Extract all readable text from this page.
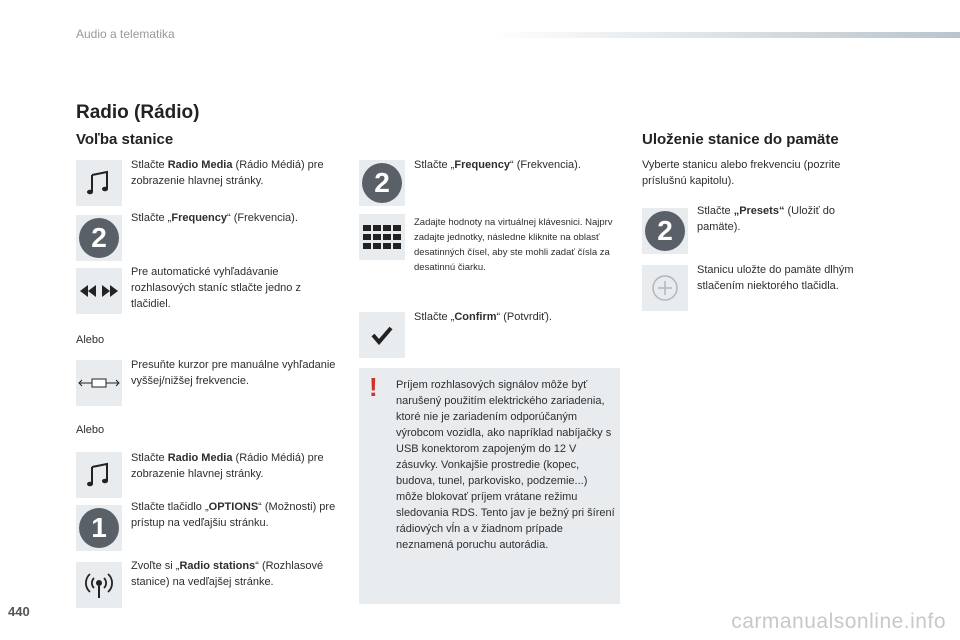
Audio a telematika
Radio (Rádio)
Voľba stanice
Stlačte Radio Media (Rádio Médiá) pre zobrazenie hlavnej stránky.
2
Stlačte „Frequency“ (Frekvencia).
Pre automatické vyhľadávanie rozhlasových staníc stlačte jedno z tlačidiel.
Alebo
Presuňte kurzor pre manuálne vyhľadanie vyššej/nižšej frekvencie.
Alebo
Stlačte Radio Media (Rádio Médiá) pre zobrazenie hlavnej stránky.
1
Stlačte tlačidlo „OPTIONS“ (Možnosti) pre prístup na vedľajšiu stránku.
Zvoľte si „Radio stations“ (Rozhlasové stanice) na vedľajšej stránke.
2
Stlačte „Frequency“ (Frekvencia).
Zadajte hodnoty na virtuálnej klávesnici. Najprv zadajte jednotky, následne kliknite na oblasť desatinných čísel, aby ste mohli zadať čísla za desatinnú čiarku.
Stlačte „Confirm“ (Potvrdiť).
! Príjem rozhlasových signálov môže byť narušený použitím elektrického zariadenia, ktoré nie je zariadením odporúčaným výrobcom vozidla, ako napríklad nabíjačky s USB konektorom zapojeným do 12 V zásuvky. Vonkajšie prostredie (kopec, budova, tunel, parkovisko, podzemie...) môže blokovať príjem vrátane režimu sledovania RDS. Tento jav je bežný pri šírení rádiových vĺn a v žiadnom prípade neznamená poruchu autorádia.
Uloženie stanice do pamäte
Vyberte stanicu alebo frekvenciu (pozrite príslušnú kapitolu).
2
Stlačte „Presets“ (Uložiť do pamäte).
Stanicu uložte do pamäte dlhým stlačením niektorého tlačidla.
440	carmanualsonline.info
